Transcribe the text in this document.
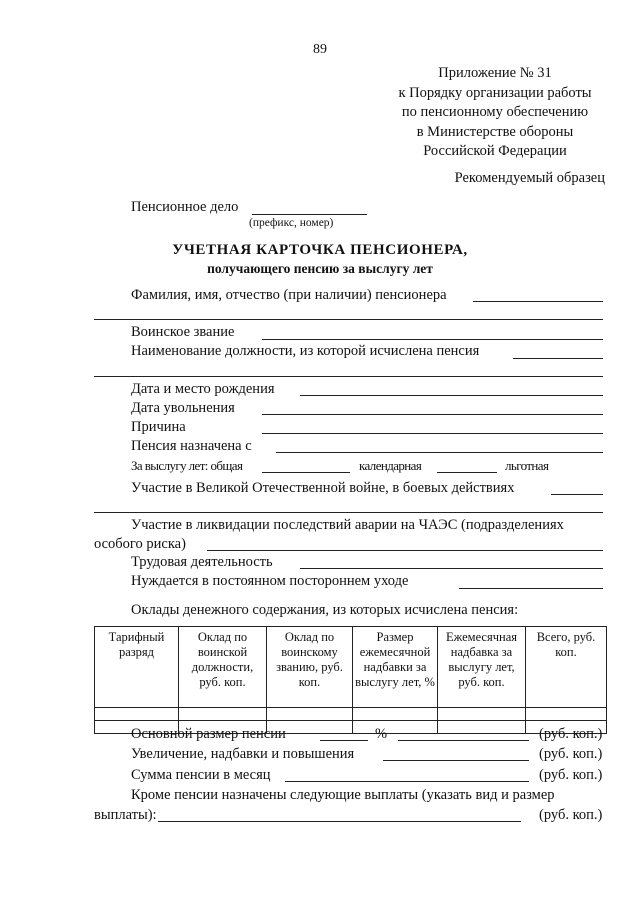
89
Приложение № 31
к Порядку организации работы
по пенсионному обеспечению
в Министерстве обороны
Российской Федерации
Рекомендуемый образец
Пенсионное дело
(префикс, номер)
УЧЕТНАЯ КАРТОЧКА ПЕНСИОНЕРА,
получающего пенсию за выслугу лет
Фамилия, имя, отчество (при наличии) пенсионера
Воинское звание
Наименование должности, из которой исчислена пенсия
Дата и место рождения
Дата увольнения
Причина
Пенсия назначена с
За выслугу лет: общая	календарная	льготная
Участие в Великой Отечественной войне, в боевых действиях
Участие в ликвидации последствий аварии на ЧАЭС (подразделениях
особого риска)
Трудовая деятельность
Нуждается в постоянном постороннем уходе
Оклады денежного содержания, из которых исчислена пенсия:
Тарифный разряд	Оклад по воинской должности, руб. коп.	Оклад по воинскому званию, руб. коп.	Размер ежемесячной надбавки за выслугу лет, %	Ежемесячная надбавка за выслугу лет, руб. коп.	Всего, руб. коп.

Основной размер пенсии	%	(руб. коп.)
Увеличение, надбавки и повышения	(руб. коп.)
Сумма пенсии в месяц	(руб. коп.)
Кроме пенсии назначены следующие выплаты (указать вид и размер
выплаты):	(руб. коп.)
